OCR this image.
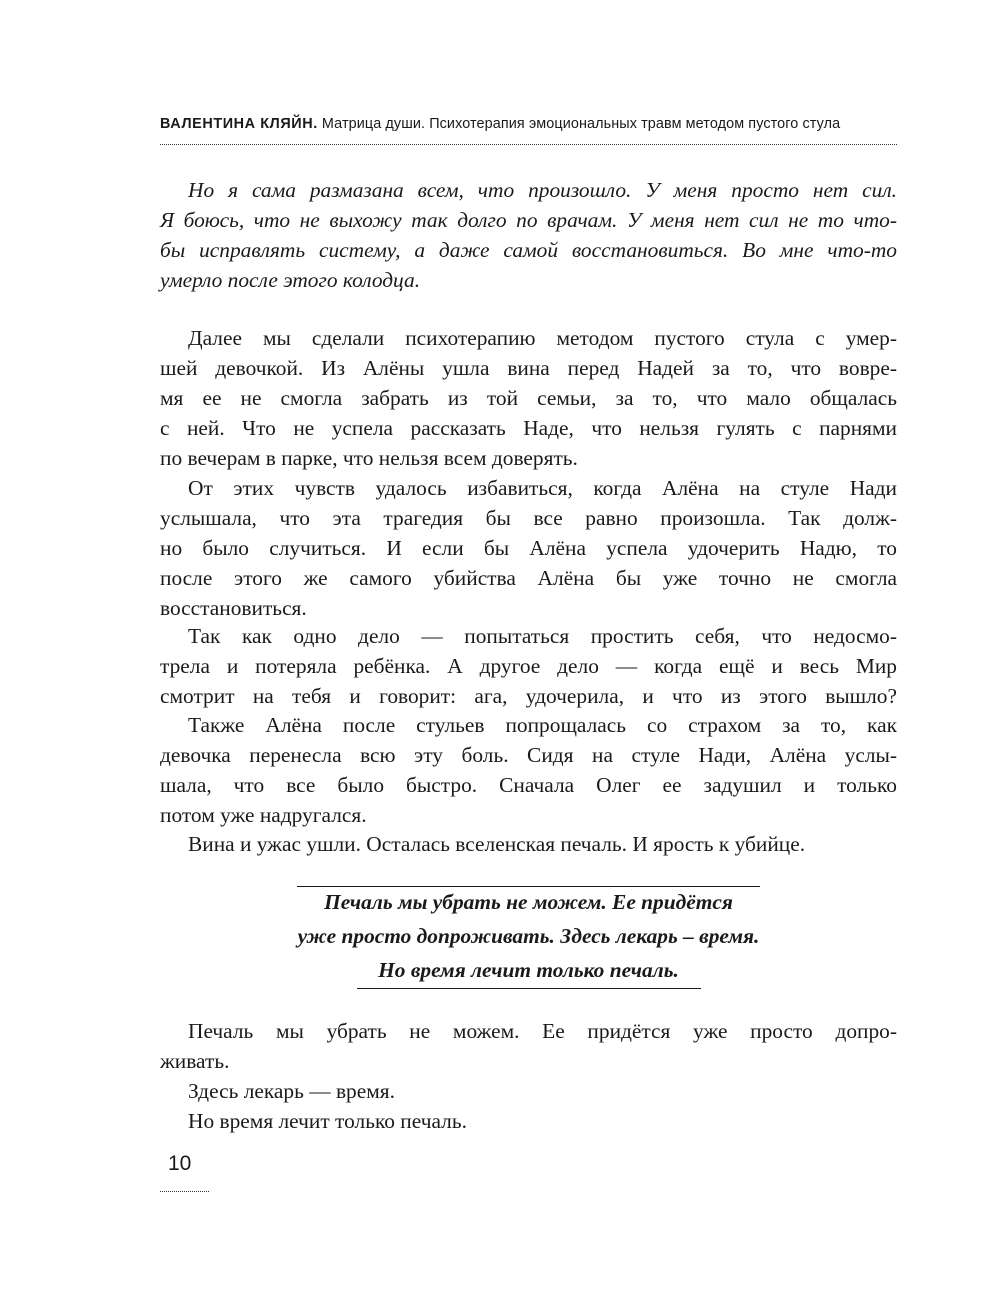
ВАЛЕНТИНА КЛЯЙН. Матрица души. Психотерапия эмоциональных травм методом пустого стула
Но я сама размазана всем, что произошло. У меня просто нет сил.
Я боюсь, что не выхожу так долго по врачам. У меня нет сил не то что-
бы исправлять систему, а даже самой восстановиться. Во мне что-то
умерло после этого колодца.
Далее мы сделали психотерапию методом пустого стула с умер-
шей девочкой. Из Алёны ушла вина перед Надей за то, что вовре-
мя ее не смогла забрать из той семьи, за то, что мало общалась
с ней. Что не успела рассказать Наде, что нельзя гулять с парнями
по вечерам в парке, что нельзя всем доверять.
От этих чувств удалось избавиться, когда Алёна на стуле Нади
услышала, что эта трагедия бы все равно произошла. Так долж-
но было случиться. И если бы Алёна успела удочерить Надю, то
после этого же самого убийства Алёна бы уже точно не смогла
восстановиться.
Так как одно дело — попытаться простить себя, что недосмо-
трела и потеряла ребёнка. А другое дело — когда ещё и весь Мир
смотрит на тебя и говорит: ага, удочерила, и что из этого вышло?
Также Алёна после стульев попрощалась со страхом за то, как
девочка перенесла всю эту боль. Сидя на стуле Нади, Алёна услы-
шала, что все было быстро. Сначала Олег ее задушил и только
потом уже надругался.
Вина и ужас ушли. Осталась вселенская печаль. И ярость к убийце.
Печаль мы убрать не можем. Ее придётся
уже просто допроживать. Здесь лекарь – время.
Но время лечит только печаль.
Печаль мы убрать не можем. Ее придётся уже просто допро-
живать.
Здесь лекарь — время.
Но время лечит только печаль.
10
